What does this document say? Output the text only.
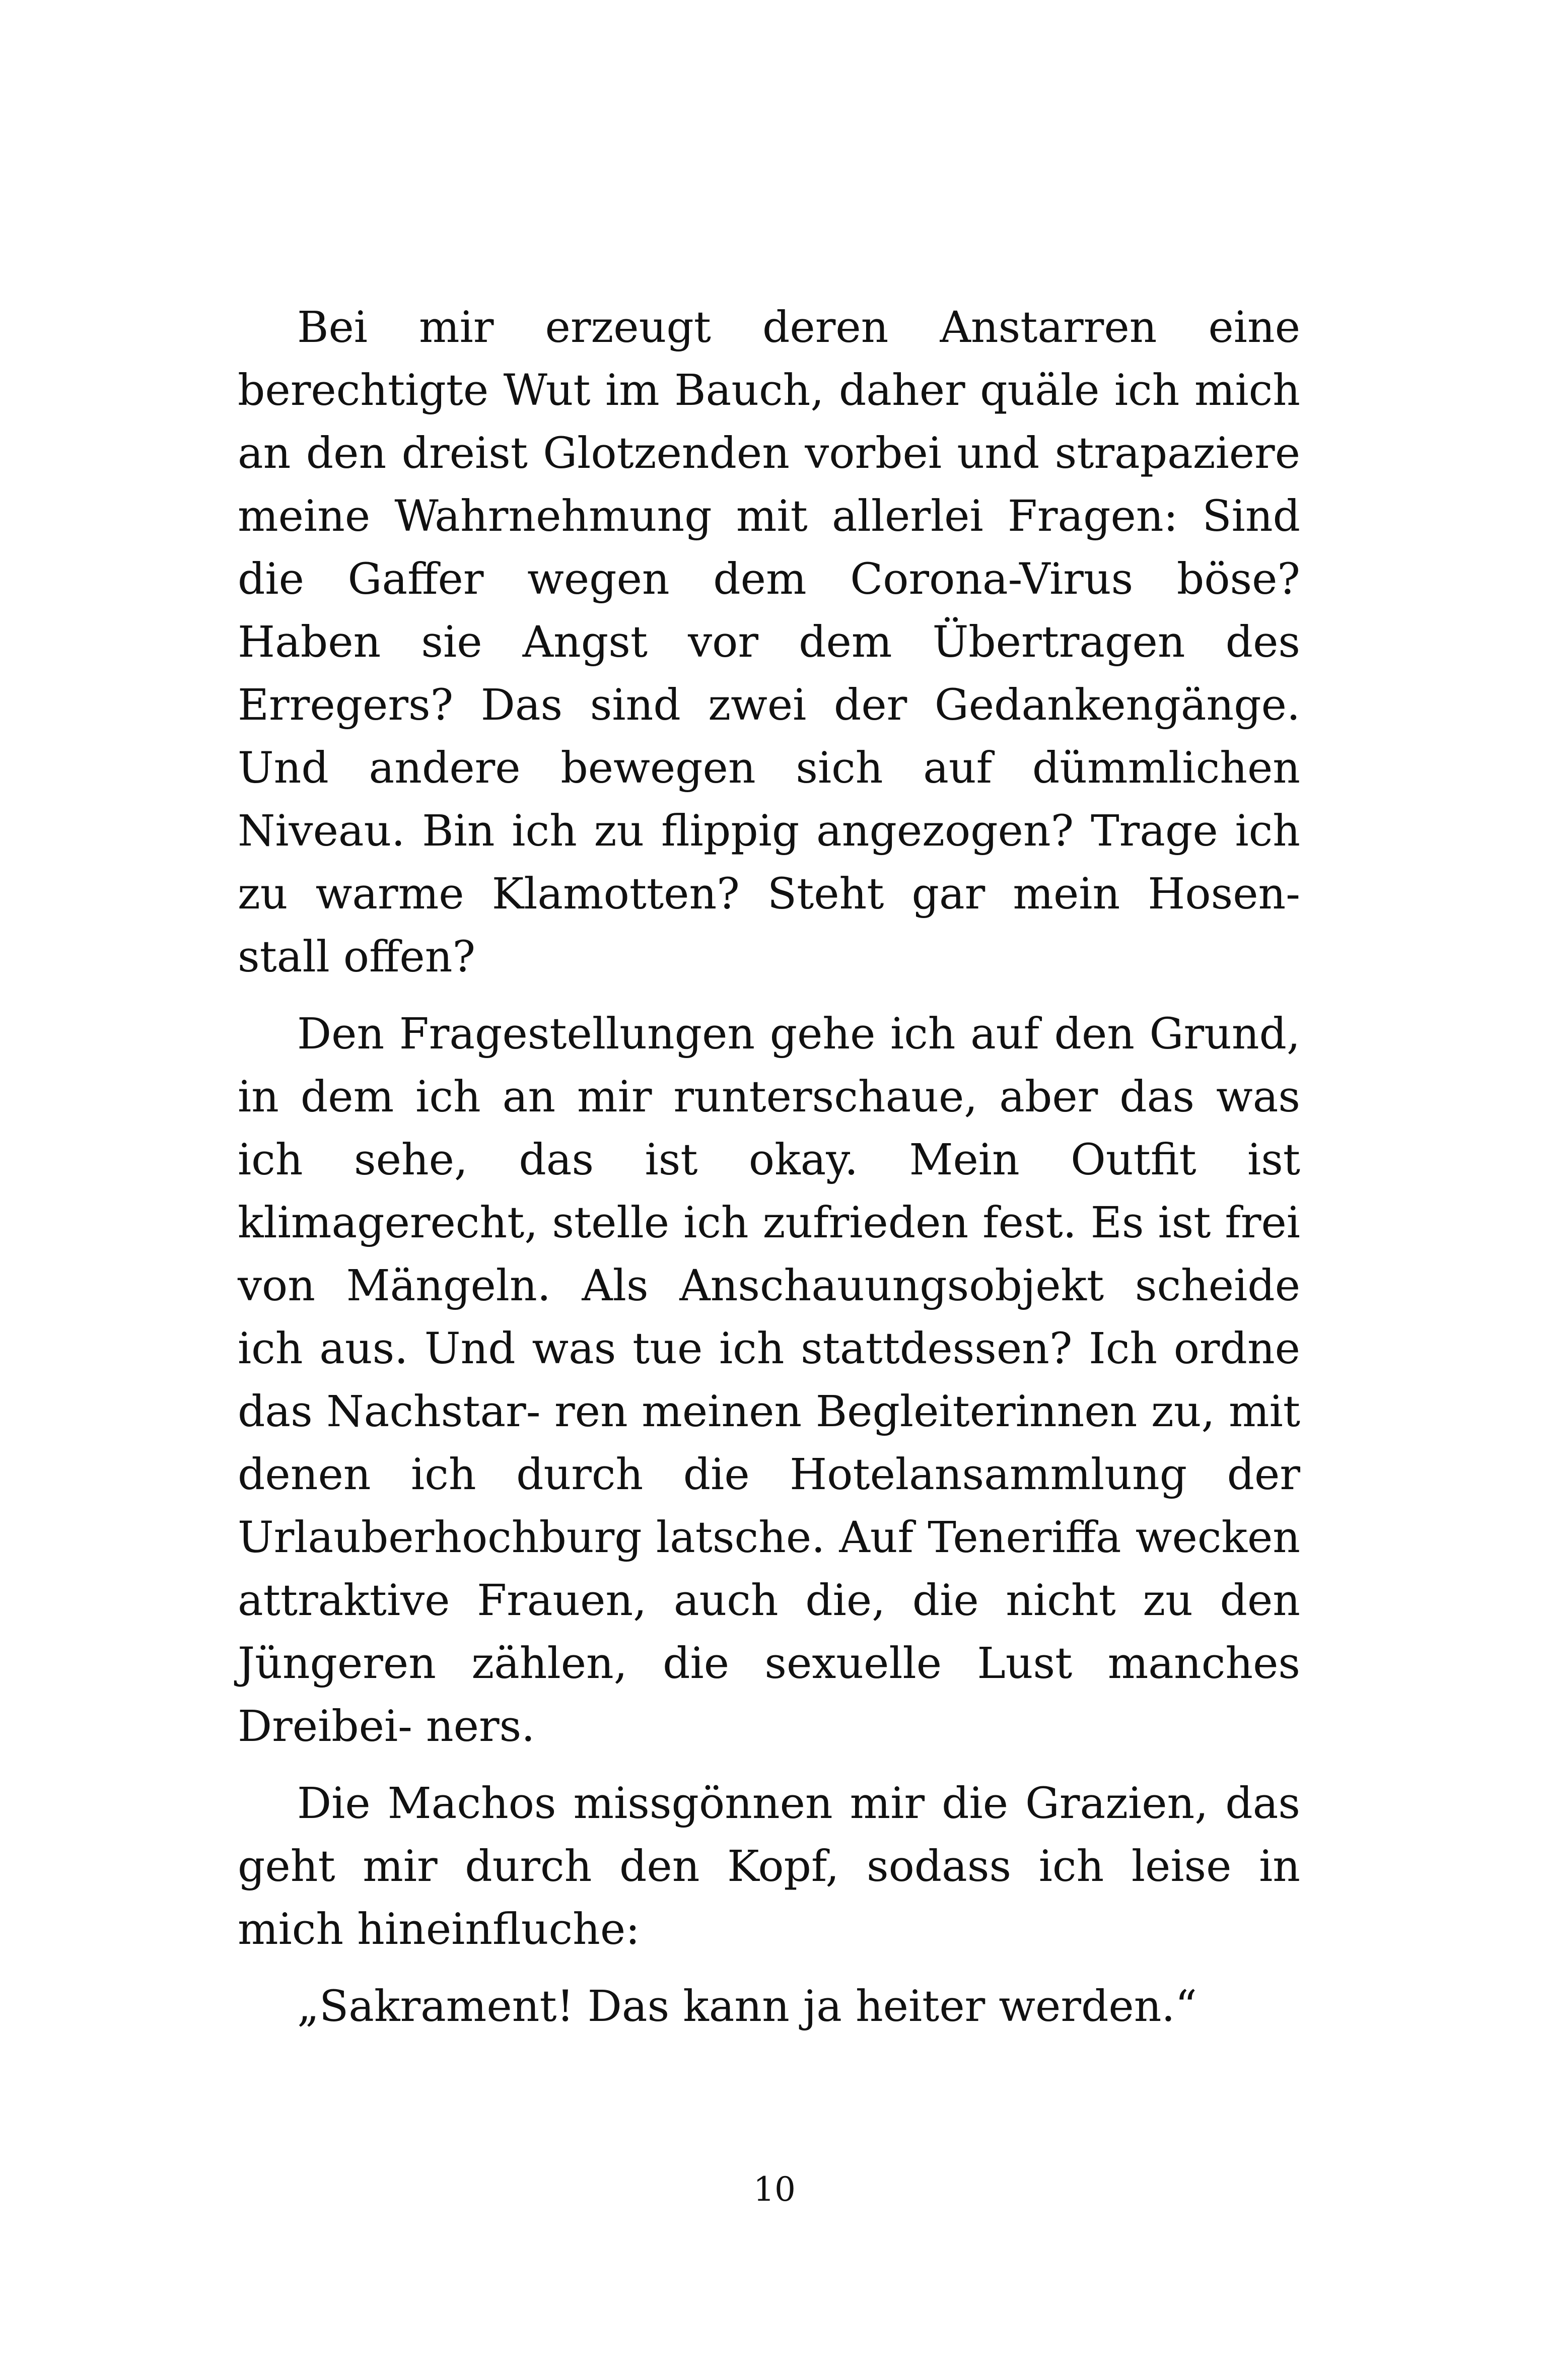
Bei mir erzeugt deren Anstarren eine berechtigte Wut im Bauch, daher quäle ich mich an den dreist Glotzenden vorbei und strapaziere meine Wahrnehmung mit allerlei Fragen: Sind die Gaffer wegen dem Corona-Virus böse? Haben sie Angst vor dem Übertragen des Erregers? Das sind zwei der Gedankengänge. Und andere bewegen sich auf dümmlichen Niveau. Bin ich zu flippig angezogen? Trage ich zu warme Klamotten? Steht gar mein Hosen- stall offen?

Den Fragestellungen gehe ich auf den Grund, in dem ich an mir runterschaue, aber das was ich sehe, das ist okay. Mein Outfit ist klimagerecht, stelle ich zufrieden fest. Es ist frei von Mängeln. Als Anschauungsobjekt scheide ich aus. Und was tue ich stattdessen? Ich ordne das Nachstar- ren meinen Begleiterinnen zu, mit denen ich durch die Hotelansammlung der Urlauberhochburg latsche. Auf Teneriffa wecken attraktive Frauen, auch die, die nicht zu den Jüngeren zählen, die sexuelle Lust manches Dreibei- ners.

Die Machos missgönnen mir die Grazien, das geht mir durch den Kopf, sodass ich leise in mich hineinfluche:

„Sakrament! Das kann ja heiter werden.“

10
